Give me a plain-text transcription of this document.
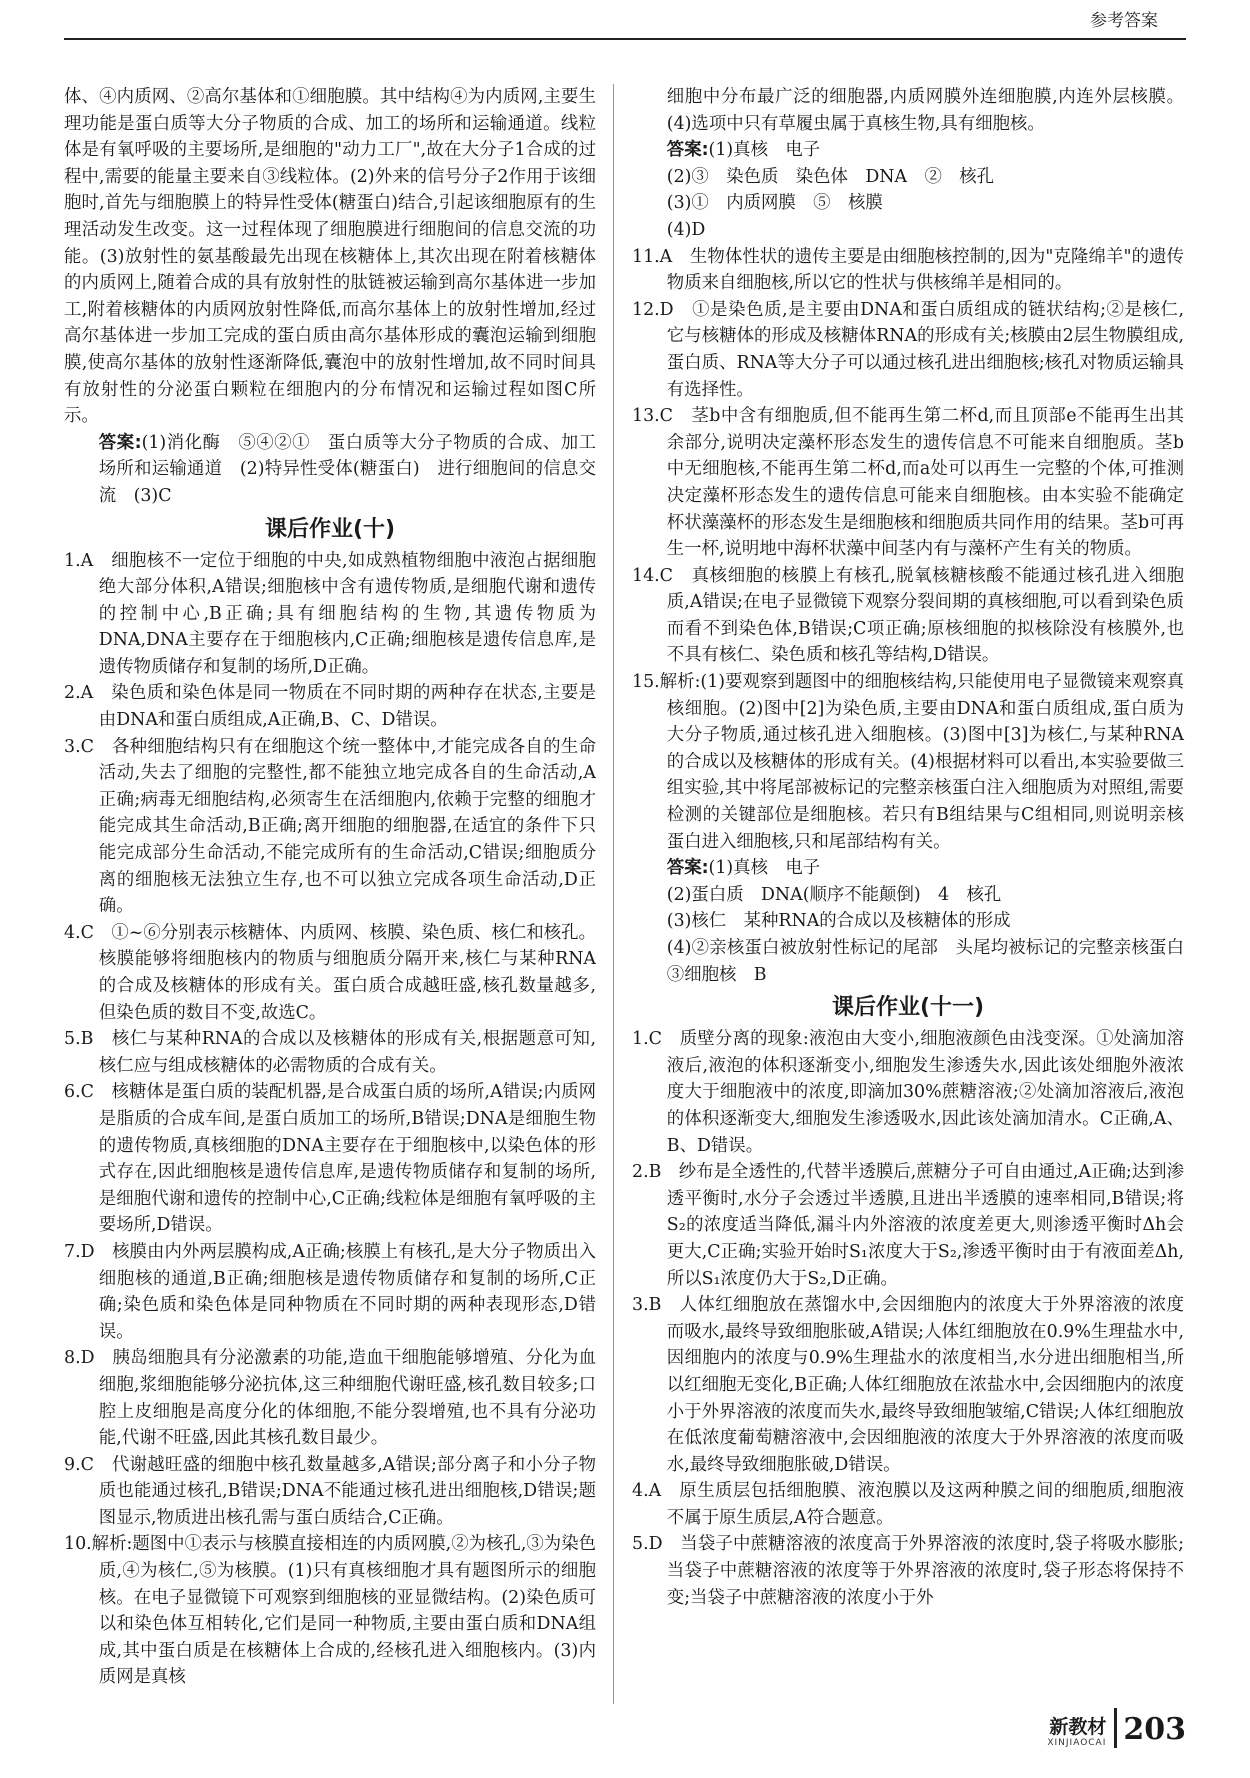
参考答案

体、④内质网、②高尔基体和①细胞膜。其中结构④为内质网,主要生理功能是蛋白质等大分子物质的合成、加工的场所和运输通道。线粒体是有氧呼吸的主要场所,是细胞的"动力工厂",故在大分子1合成的过程中,需要的能量主要来自③线粒体。(2)外来的信号分子2作用于该细胞时,首先与细胞膜上的特异性受体(糖蛋白)结合,引起该细胞原有的生理活动发生改变。这一过程体现了细胞膜进行细胞间的信息交流的功能。(3)放射性的氨基酸最先出现在核糖体上,其次出现在附着核糖体的内质网上,随着合成的具有放射性的肽链被运输到高尔基体进一步加工,附着核糖体的内质网放射性降低,而高尔基体上的放射性增加,经过高尔基体进一步加工完成的蛋白质由高尔基体形成的囊泡运输到细胞膜,使高尔基体的放射性逐渐降低,囊泡中的放射性增加,故不同时间具有放射性的分泌蛋白颗粒在细胞内的分布情况和运输过程如图C所示。

答案:(1)消化酶　⑤④②①　蛋白质等大分子物质的合成、加工场所和运输通道　(2)特异性受体(糖蛋白)　进行细胞间的信息交流　(3)C

课后作业(十)

1.A　细胞核不一定位于细胞的中央,如成熟植物细胞中液泡占据细胞绝大部分体积,A错误;细胞核中含有遗传物质,是细胞代谢和遗传的控制中心,B正确;具有细胞结构的生物,其遗传物质为DNA,DNA主要存在于细胞核内,C正确;细胞核是遗传信息库,是遗传物质储存和复制的场所,D正确。

2.A　染色质和染色体是同一物质在不同时期的两种存在状态,主要是由DNA和蛋白质组成,A正确,B、C、D错误。

3.C　各种细胞结构只有在细胞这个统一整体中,才能完成各自的生命活动,失去了细胞的完整性,都不能独立地完成各自的生命活动,A正确;病毒无细胞结构,必须寄生在活细胞内,依赖于完整的细胞才能完成其生命活动,B正确;离开细胞的细胞器,在适宜的条件下只能完成部分生命活动,不能完成所有的生命活动,C错误;细胞质分离的细胞核无法独立生存,也不可以独立完成各项生命活动,D正确。

4.C　①~⑥分别表示核糖体、内质网、核膜、染色质、核仁和核孔。核膜能够将细胞核内的物质与细胞质分隔开来,核仁与某种RNA的合成及核糖体的形成有关。蛋白质合成越旺盛,核孔数量越多,但染色质的数目不变,故选C。

5.B　核仁与某种RNA的合成以及核糖体的形成有关,根据题意可知,核仁应与组成核糖体的必需物质的合成有关。

6.C　核糖体是蛋白质的装配机器,是合成蛋白质的场所,A错误;内质网是脂质的合成车间,是蛋白质加工的场所,B错误;DNA是细胞生物的遗传物质,真核细胞的DNA主要存在于细胞核中,以染色体的形式存在,因此细胞核是遗传信息库,是遗传物质储存和复制的场所,是细胞代谢和遗传的控制中心,C正确;线粒体是细胞有氧呼吸的主要场所,D错误。

7.D　核膜由内外两层膜构成,A正确;核膜上有核孔,是大分子物质出入细胞核的通道,B正确;细胞核是遗传物质储存和复制的场所,C正确;染色质和染色体是同种物质在不同时期的两种表现形态,D错误。

8.D　胰岛细胞具有分泌激素的功能,造血干细胞能够增殖、分化为血细胞,浆细胞能够分泌抗体,这三种细胞代谢旺盛,核孔数目较多;口腔上皮细胞是高度分化的体细胞,不能分裂增殖,也不具有分泌功能,代谢不旺盛,因此其核孔数目最少。

9.C　代谢越旺盛的细胞中核孔数量越多,A错误;部分离子和小分子物质也能通过核孔,B错误;DNA不能通过核孔进出细胞核,D错误;题图显示,物质进出核孔需与蛋白质结合,C正确。

10.解析:题图中①表示与核膜直接相连的内质网膜,②为核孔,③为染色质,④为核仁,⑤为核膜。(1)只有真核细胞才具有题图所示的细胞核。在电子显微镜下可观察到细胞核的亚显微结构。(2)染色质可以和染色体互相转化,它们是同一种物质,主要由蛋白质和DNA组成,其中蛋白质是在核糖体上合成的,经核孔进入细胞核内。(3)内质网是真核

细胞中分布最广泛的细胞器,内质网膜外连细胞膜,内连外层核膜。(4)选项中只有草履虫属于真核生物,具有细胞核。

答案:(1)真核　电子

(2)③　染色质　染色体　DNA　②　核孔

(3)①　内质网膜　⑤　核膜

(4)D

11.A　生物体性状的遗传主要是由细胞核控制的,因为"克隆绵羊"的遗传物质来自细胞核,所以它的性状与供核绵羊是相同的。

12.D　①是染色质,是主要由DNA和蛋白质组成的链状结构;②是核仁,它与核糖体的形成及核糖体RNA的形成有关;核膜由2层生物膜组成,蛋白质、RNA等大分子可以通过核孔进出细胞核;核孔对物质运输具有选择性。

13.C　茎b中含有细胞质,但不能再生第二杯d,而且顶部e不能再生出其余部分,说明决定藻杯形态发生的遗传信息不可能来自细胞质。茎b中无细胞核,不能再生第二杯d,而a处可以再生一完整的个体,可推测决定藻杯形态发生的遗传信息可能来自细胞核。由本实验不能确定杯状藻藻杯的形态发生是细胞核和细胞质共同作用的结果。茎b可再生一杯,说明地中海杯状藻中间茎内有与藻杯产生有关的物质。

14.C　真核细胞的核膜上有核孔,脱氧核糖核酸不能通过核孔进入细胞质,A错误;在电子显微镜下观察分裂间期的真核细胞,可以看到染色质而看不到染色体,B错误;C项正确;原核细胞的拟核除没有核膜外,也不具有核仁、染色质和核孔等结构,D错误。

15.解析:(1)要观察到题图中的细胞核结构,只能使用电子显微镜来观察真核细胞。(2)图中[2]为染色质,主要由DNA和蛋白质组成,蛋白质为大分子物质,通过核孔进入细胞核。(3)图中[3]为核仁,与某种RNA的合成以及核糖体的形成有关。(4)根据材料可以看出,本实验要做三组实验,其中将尾部被标记的完整亲核蛋白注入细胞质为对照组,需要检测的关键部位是细胞核。若只有B组结果与C组相同,则说明亲核蛋白进入细胞核,只和尾部结构有关。

答案:(1)真核　电子

(2)蛋白质　DNA(顺序不能颠倒)　4　核孔

(3)核仁　某种RNA的合成以及核糖体的形成

(4)②亲核蛋白被放射性标记的尾部　头尾均被标记的完整亲核蛋白　③细胞核　B

课后作业(十一)

1.C　质壁分离的现象:液泡由大变小,细胞液颜色由浅变深。①处滴加溶液后,液泡的体积逐渐变小,细胞发生渗透失水,因此该处细胞外液浓度大于细胞液中的浓度,即滴加30%蔗糖溶液;②处滴加溶液后,液泡的体积逐渐变大,细胞发生渗透吸水,因此该处滴加清水。C正确,A、B、D错误。

2.B　纱布是全透性的,代替半透膜后,蔗糖分子可自由通过,A正确;达到渗透平衡时,水分子会透过半透膜,且进出半透膜的速率相同,B错误;将S₂的浓度适当降低,漏斗内外溶液的浓度差更大,则渗透平衡时Δh会更大,C正确;实验开始时S₁浓度大于S₂,渗透平衡时由于有液面差Δh,所以S₁浓度仍大于S₂,D正确。

3.B　人体红细胞放在蒸馏水中,会因细胞内的浓度大于外界溶液的浓度而吸水,最终导致细胞胀破,A错误;人体红细胞放在0.9%生理盐水中,因细胞内的浓度与0.9%生理盐水的浓度相当,水分进出细胞相当,所以红细胞无变化,B正确;人体红细胞放在浓盐水中,会因细胞内的浓度小于外界溶液的浓度而失水,最终导致细胞皱缩,C错误;人体红细胞放在低浓度葡萄糖溶液中,会因细胞液的浓度大于外界溶液的浓度而吸水,最终导致细胞胀破,D错误。

4.A　原生质层包括细胞膜、液泡膜以及这两种膜之间的细胞质,细胞液不属于原生质层,A符合题意。

5.D　当袋子中蔗糖溶液的浓度高于外界溶液的浓度时,袋子将吸水膨胀;当袋子中蔗糖溶液的浓度等于外界溶液的浓度时,袋子形态将保持不变;当袋子中蔗糖溶液的浓度小于外

新教材
XINJIAOCAI 203
